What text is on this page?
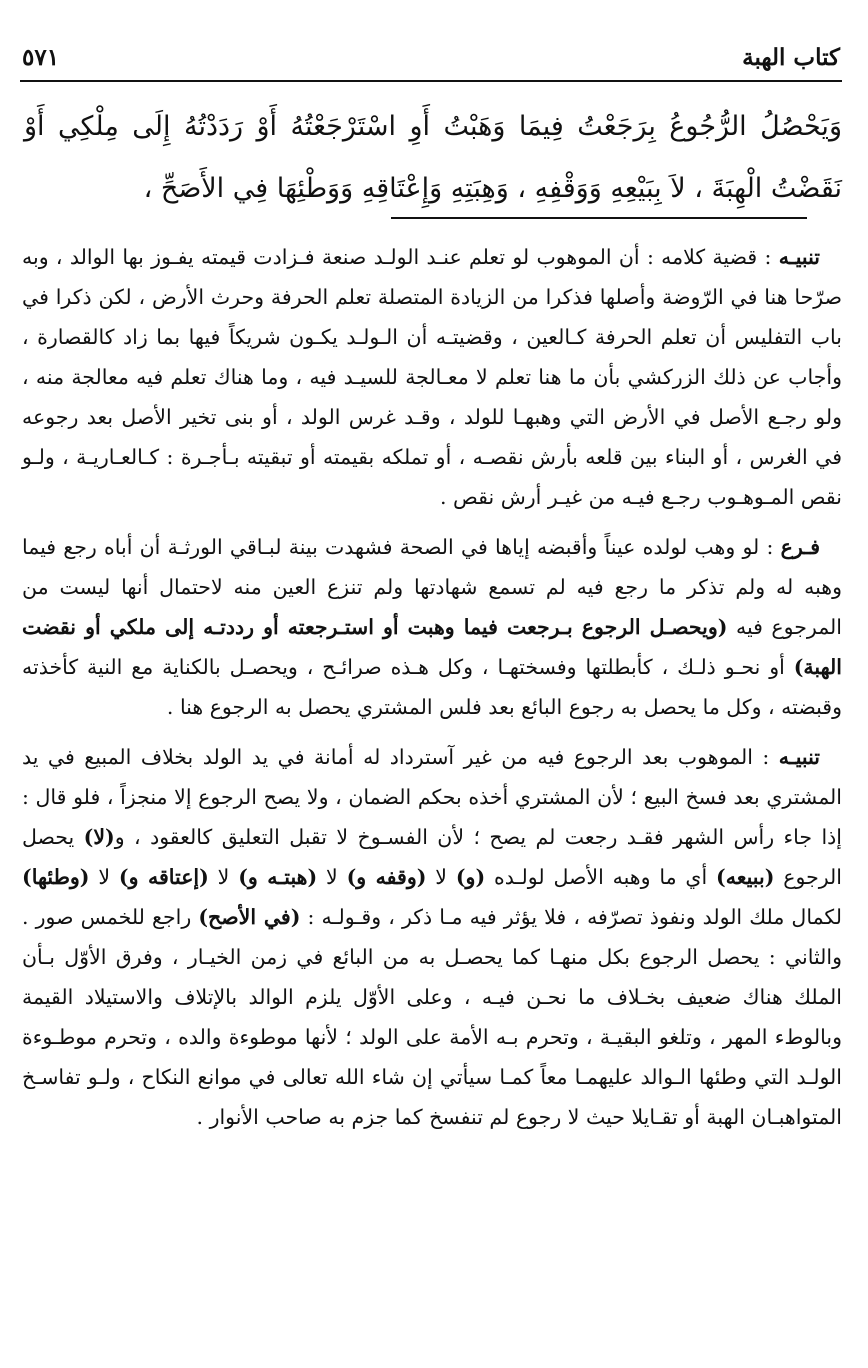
كتاب الهبة
٥٧١
وَيَحْصُلُ الرُّجُوعُ بِرَجَعْتُ فِيمَا وَهَبْتُ أَوِ اسْتَرْجَعْتُهُ أَوْ رَدَدْتُهُ إِلَى مِلْكِي أَوْ نَقَضْتُ الْهِبَةَ ، لاَ بِبَيْعِهِ وَوَقْفِهِ ، وَهِبَتِهِ وَإِعْتَاقِهِ وَوَطْئِهَا فِي الأَصَحِّ ،

تنبيـه : قضية كلامه : أن الموهوب لو تعلم عنـد الولـد صنعة فـزادت قيمته يفـوز بها الوالد ، وبه صرّحا هنا في الرّوضة وأصلها فذكرا من الزيادة المتصلة تعلم الحرفة وحرث الأرض ، لكن ذكرا في باب التفليس أن تعلم الحرفة كـالعين ، وقضيتـه أن الـولـد يكـون شريكاً فيها بما زاد كالقصارة ، وأجاب عن ذلك الزركشي بأن ما هنا تعلم لا معـالجة للسيـد فيه ، وما هناك تعلم فيه معالجة منه ، ولو رجـع الأصل في الأرض التي وهبهـا للولد ، وقـد غرس الولد ، أو بنى تخير الأصل بعد رجوعه في الغرس ، أو البناء بين قلعه بأرش نقصـه ، أو تملكه بقيمته أو تبقيته بـأجـرة : كـالعـاريـة ، ولـو نقص المـوهـوب رجـع فيـه من غيـر أرش نقص .

فـرع : لو وهب لولده عيناً وأقبضه إياها في الصحة فشهدت بينة لبـاقي الورثـة أن أباه رجع فيما وهبه له ولم تذكر ما رجع فيه لم تسمع شهادتها ولم تنزع العين منه لاحتمال أنها ليست من المرجوع فيه (ويحصـل الرجوع بـرجعت فيما وهبت أو استـرجعته أو رددتـه إلى ملكي أو نقضت الهبة) أو نحـو ذلـك ، كأبطلتها وفسختهـا ، وكل هـذه صرائـح ، ويحصـل بالكناية مع النية كأخذته وقبضته ، وكل ما يحصل به رجوع البائع بعد فلس المشتري يحصل به الرجوع هنا .

تنبيـه : الموهوب بعد الرجوع فيه من غير آسترداد له أمانة في يد الولد بخلاف المبيع في يد المشتري بعد فسخ البيع ؛ لأن المشتري أخذه بحكم الضمان ، ولا يصح الرجوع إلا منجزاً ، فلو قال : إذا جاء رأس الشهر فقـد رجعت لم يصح ؛ لأن الفسـوخ لا تقبل التعليق كالعقود ، و(لا) يحصل الرجوع (ببيعه) أي ما وهبه الأصل لولـده (و) لا (وقفه و) لا (هبتـه و) لا (إعتاقه و) لا (وطئها) لكمال ملك الولد ونفوذ تصرّفه ، فلا يؤثر فيه مـا ذكر ، وقـولـه : (في الأصح) راجع للخمس صور . والثاني : يحصل الرجوع بكل منهـا كما يحصـل به من البائع في زمن الخيـار ، وفرق الأوّل بـأن الملك هناك ضعيف بخـلاف ما نحـن فيـه ، وعلى الأوّل يلزم الوالد بالإتلاف والاستيلاد القيمة وبالوطء المهر ، وتلغو البقيـة ، وتحرم بـه الأمة على الولد ؛ لأنها موطوءة والده ، وتحرم موطـوءة الولـد التي وطئها الـوالد عليهمـا معاً كمـا سيأتي إن شاء الله تعالى في موانع النكاح ، ولـو تفاسـخ المتواهبـان الهبة أو تقـايلا حيث لا رجوع لم تنفسخ كما جزم به صاحب الأنوار .
